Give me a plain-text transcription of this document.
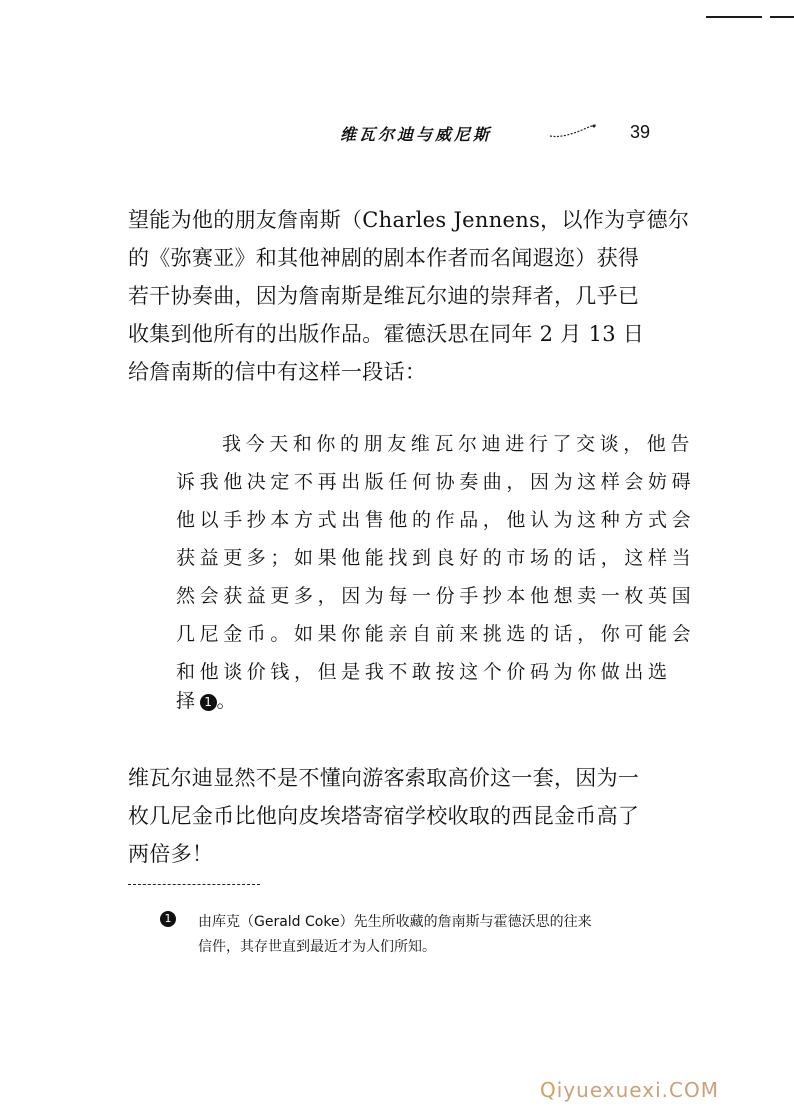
维瓦尔迪与威尼斯	39
望能为他的朋友詹南斯（Charles Jennens，以作为亨德尔
的《弥赛亚》和其他神剧的剧本作者而名闻遐迩）获得
若干协奏曲，因为詹南斯是维瓦尔迪的崇拜者，几乎已
收集到他所有的出版作品。霍德沃思在同年 2 月 13 日
给詹南斯的信中有这样一段话：
我今天和你的朋友维瓦尔迪进行了交谈，他告
诉我他决定不再出版任何协奏曲，因为这样会妨碍
他以手抄本方式出售他的作品，他认为这种方式会
获益更多；如果他能找到良好的市场的话，这样当
然会获益更多，因为每一份手抄本他想卖一枚英国
几尼金币。如果你能亲自前来挑选的话，你可能会
和他谈价钱，但是我不敢按这个价码为你做出选
择 1 。
维瓦尔迪显然不是不懂向游客索取高价这一套，因为一
枚几尼金币比他向皮埃塔寄宿学校收取的西昆金币高了
两倍多！
1	由库克（Gerald Coke）先生所收藏的詹南斯与霍德沃思的往来
信件，其存世直到最近才为人们所知。
Qiyuexuexi.COM
